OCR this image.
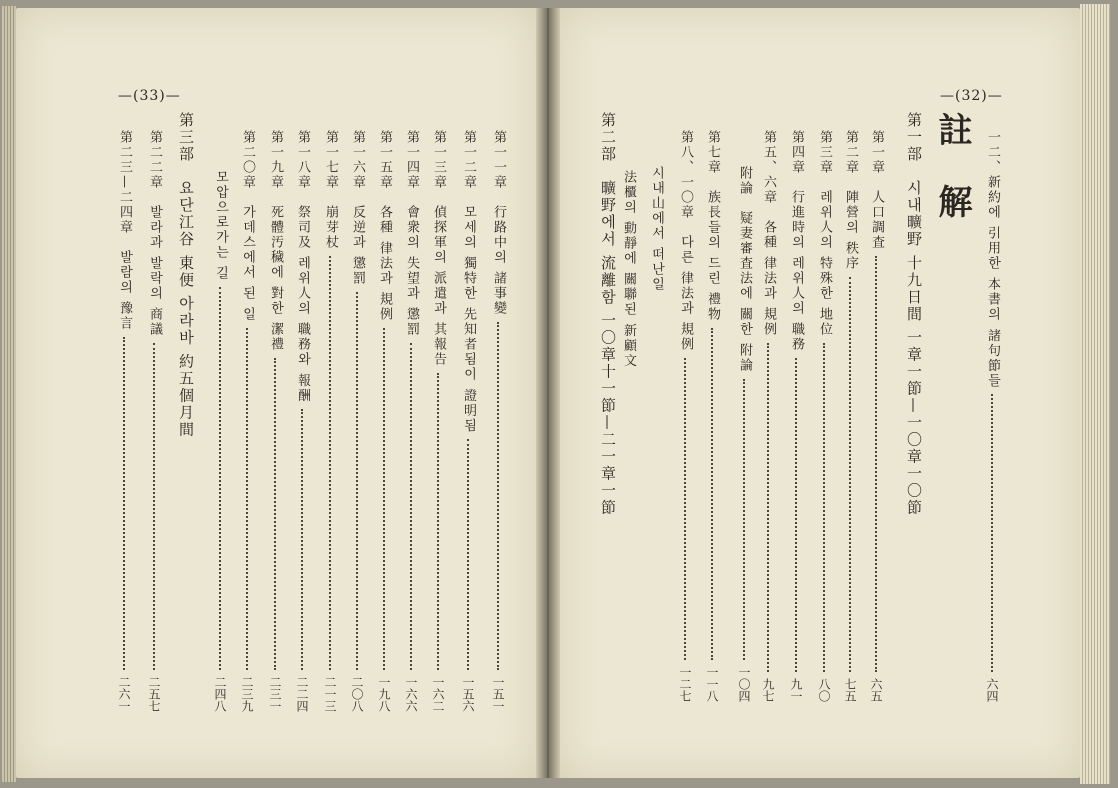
—(33)—
第一一章　行路中의 諸事變一五一
第一二章　모세의 獨特한 先知者됨이 證明됨一五六
第一三章　偵探軍의 派遣과 其報告一六二
第一四章　會衆의 失望과 懲罰一六六
第一五章　各種 律法과 規例一九八
第一六章　反逆과 懲罰二〇八
第一七章　崩芽杖二一三
第一八章　祭司及 레위人의 職務와 報酬二二四
第一九章　死體汚穢에 對한 潔禮二三一
第二〇章　가데스에서 된 일二三九
모압으로가는 길二四八
第三部　요단江谷 東便 아라바 約五個月間
第二二章　발라과 발락의 商議二五七
第二三—二四章　발람의 豫言二六一
—(32)—
一二、新約에 引用한 本書의 諸句節들六四
註　解
第一部　시내曠野 十九日間 一章一節—一〇章一〇節
第一章　人口調査六五
第二章　陣營의 秩序七五
第三章　레위人의 特殊한 地位八〇
第四章　行進時의 레위人의 職務九一
第五、六章　各種 律法과 規例九七
附論　疑妻審査法에 關한 附論一〇四
第七章　族長들의 드린 禮物一一八
第八、一〇章　다른 律法과 規例一二七
시내山에서 떠난일
法櫃의 動靜에 關聯된 新顧文
第二部　曠野에서 流離함 一〇章十一節—二一章一節
